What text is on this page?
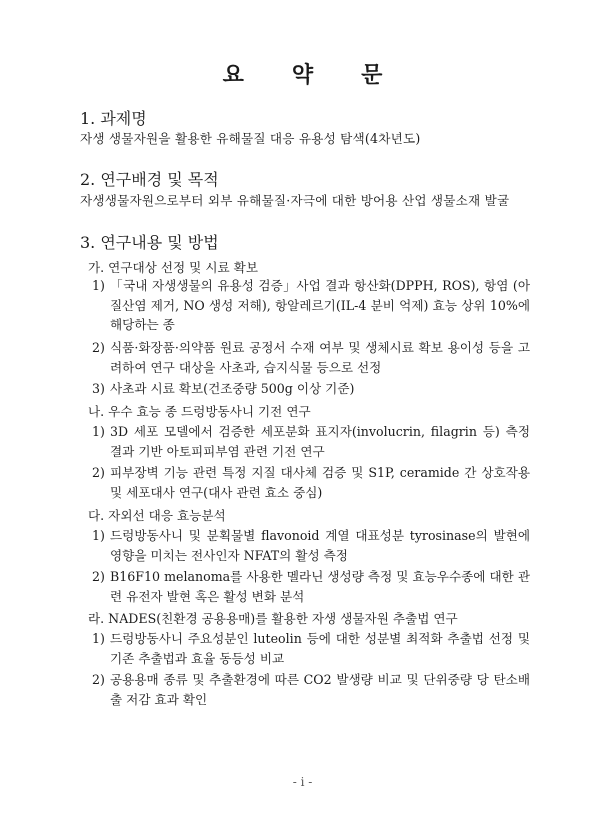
요 약 문
1. 과제명
자생 생물자원을 활용한 유해물질 대응 유용성 탐색(4차년도)
2. 연구배경 및 목적
자생생물자원으로부터 외부 유해물질·자극에 대한 방어용 산업 생물소재 발굴
3. 연구내용 및 방법
가. 연구대상 선정 및 시료 확보
1) 「국내 자생생물의 유용성 검증」사업 결과 항산화(DPPH, ROS), 항염 (아질산염 제거, NO 생성 저해), 항알레르기(IL-4 분비 억제) 효능 상위 10%에 해당하는 종
2) 식품·화장품·의약품 원료 공정서 수재 여부 및 생체시료 확보 용이성 등을 고려하여 연구 대상을 사초과, 습지식물 등으로 선정
3) 사초과 시료 확보(건조중량 500g 이상 기준)
나. 우수 효능 종 드렁방동사니 기전 연구
1) 3D 세포 모델에서 검증한 세포분화 표지자(involucrin, filagrin 등) 측정 결과 기반 아토피피부염 관련 기전 연구
2) 피부장벽 기능 관련 특정 지질 대사체 검증 및 S1P, ceramide 간 상호작용 및 세포대사 연구(대사 관련 효소 중심)
다. 자외선 대응 효능분석
1) 드렁방동사니 및 분획물별 flavonoid 계열 대표성분 tyrosinase의 발현에 영향을 미치는 전사인자 NFAT의 활성 측정
2) B16F10 melanoma를 사용한 멜라닌 생성량 측정 및 효능우수종에 대한 관련 유전자 발현 혹은 활성 변화 분석
라. NADES(친환경 공용용매)를 활용한 자생 생물자원 추출법 연구
1) 드렁방동사니 주요성분인 luteolin 등에 대한 성분별 최적화 추출법 선정 및 기존 추출법과 효율 동등성 비교
2) 공용용매 종류 및 추출환경에 따른 CO2 발생량 비교 및 단위중량 당 탄소배출 저감 효과 확인
- i -
